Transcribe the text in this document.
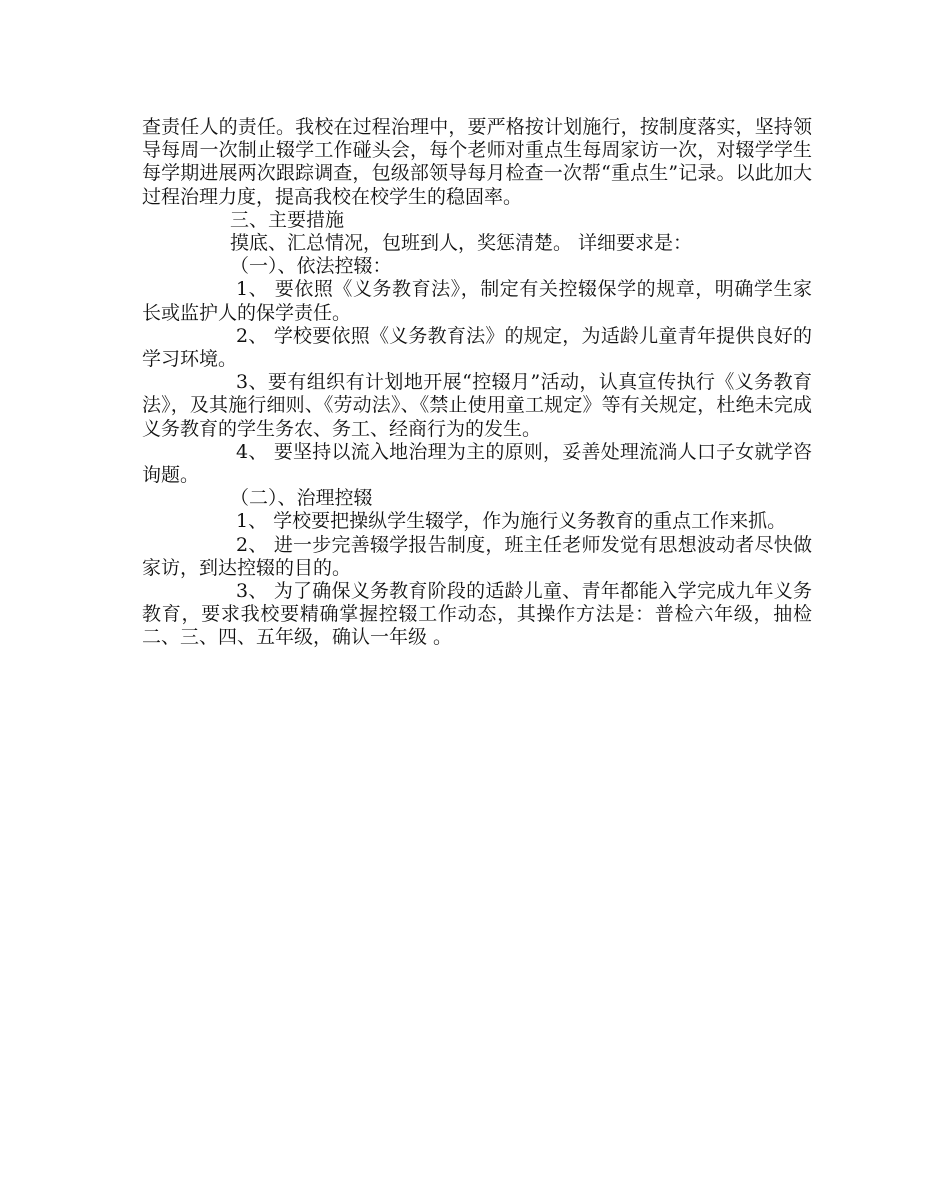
查责任人的责任。我校在过程治理中，要严格按计划施行，按制度落实，坚持领导每周一次制止辍学工作碰头会，每个老师对重点生每周家访一次，对辍学学生每学期进展两次跟踪调查，包级部领导每月检查一次帮“重点生”记录。以此加大过程治理力度，提高我校在校学生的稳固率。

三、主要措施

摸底、汇总情况，包班到人，奖惩清楚。 详细要求是：

（一）、依法控辍：

1、 要依照《义务教育法》，制定有关控辍保学的规章，明确学生家长或监护人的保学责任。

2、 学校要依照《义务教育法》的规定，为适龄儿童青年提供良好的学习环境。

3、要有组织有计划地开展“控辍月”活动，认真宣传执行《义务教育法》，及其施行细则、《劳动法》、《禁止使用童工规定》等有关规定，杜绝未完成义务教育的学生务农、务工、经商行为的发生。

4、 要坚持以流入地治理为主的原则，妥善处理流淌人口子女就学咨询题。

（二）、治理控辍

1、 学校要把操纵学生辍学，作为施行义务教育的重点工作来抓。

2、 进一步完善辍学报告制度，班主任老师发觉有思想波动者尽快做家访，到达控辍的目的。

3、 为了确保义务教育阶段的适龄儿童、青年都能入学完成九年义务教育，要求我校要精确掌握控辍工作动态，其操作方法是：普检六年级，抽检二、三、四、五年级，确认一年级 。
